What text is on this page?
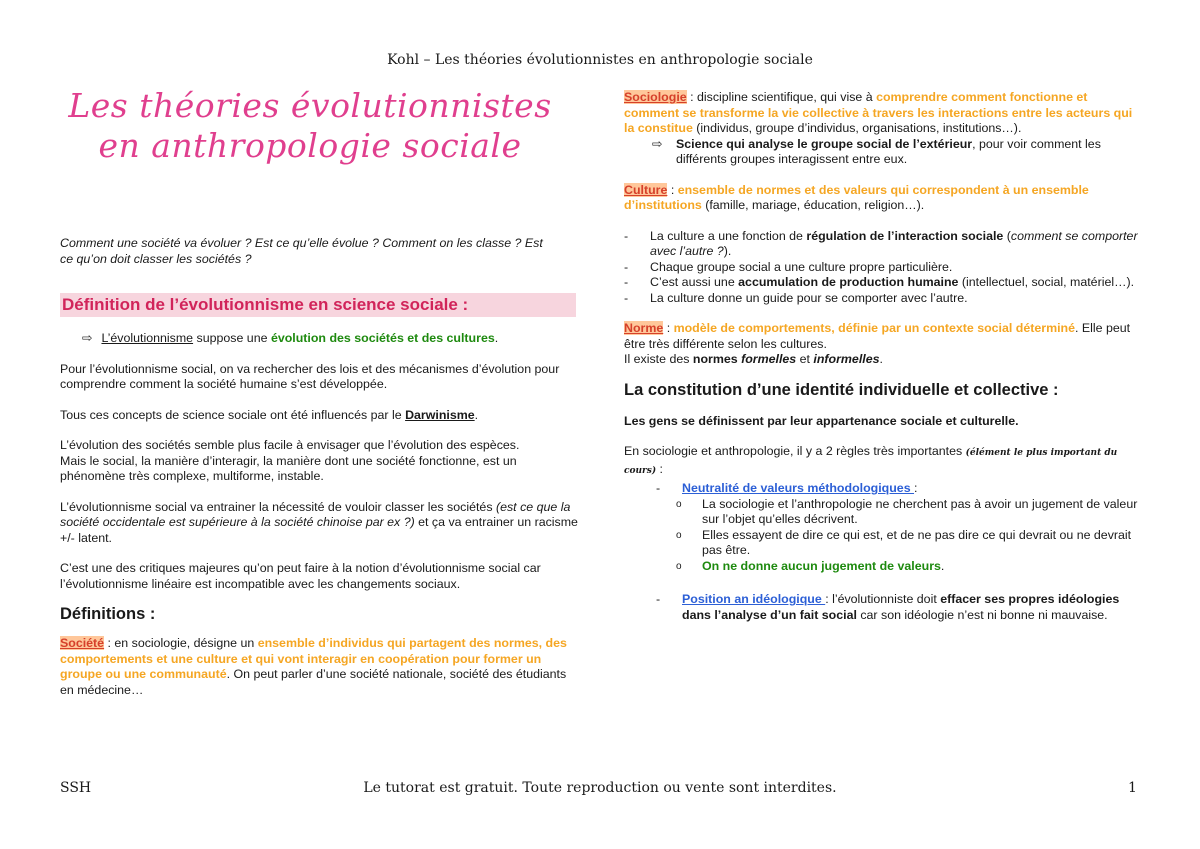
Kohl – Les théories évolutionnistes en anthropologie sociale
Les théories évolutionnistes en anthropologie sociale
Comment une société va évoluer ? Est ce qu’elle évolue ? Comment on les classe ? Est ce qu’on doit classer les sociétés ?
Définition de l’évolutionnisme en science sociale :
⇨ L’évolutionnisme suppose une évolution des sociétés et des cultures.

Pour l’évolutionnisme social, on va rechercher des lois et des mécanismes d’évolution pour comprendre comment la société humaine s’est développée.

Tous ces concepts de science sociale ont été influencés par le Darwinisme.

L’évolution des sociétés semble plus facile à envisager que l’évolution des espèces.

Mais le social, la manière d’interagir, la manière dont une société fonctionne, est un phénomène très complexe, multiforme, instable.

L’évolutionnisme social va entrainer la nécessité de vouloir classer les sociétés (est ce que la société occidentale est supérieure à la société chinoise par ex ?) et ça va entrainer un racisme +/- latent.

C’est une des critiques majeures qu’on peut faire à la notion d’évolutionnisme social car l’évolutionnisme linéaire est incompatible avec les changements sociaux.

Définitions :

Société : en sociologie, désigne un ensemble d’individus qui partagent des normes, des comportements et une culture et qui vont interagir en coopération pour former un groupe ou une communauté. On peut parler d’une société nationale, société des étudiants en médecine…

Sociologie : discipline scientifique, qui vise à comprendre comment fonctionne et comment se transforme la vie collective à travers les interactions entre les acteurs qui la constitue (individus, groupe d’individus, organisations, institutions…).

⇨	Science qui analyse le groupe social de l’extérieur, pour voir comment les différents groupes interagissent entre eux.

Culture : ensemble de normes et des valeurs qui correspondent à un ensemble d’institutions (famille, mariage, éducation, religion…).

- La culture a une fonction de régulation de l’interaction sociale (comment se comporter avec l’autre ?).
- Chaque groupe social a une culture propre particulière.
- C’est aussi une accumulation de production humaine (intellectuel, social, matériel…).
- La culture donne un guide pour se comporter avec l’autre.

Norme : modèle de comportements, définie par un contexte social déterminé. Elle peut être très différente selon les cultures.

Il existe des normes formelles et informelles.

La constitution d’une identité individuelle et collective :

Les gens se définissent par leur appartenance sociale et culturelle.

En sociologie et anthropologie, il y a 2 règles très importantes (élément le plus important du cours) :

- Neutralité de valeurs méthodologiques :
o La sociologie et l’anthropologie ne cherchent pas à avoir un jugement de valeur sur l’objet qu’elles décrivent.
o Elles essayent de dire ce qui est, et de ne pas dire ce qui devrait ou ne devrait pas être.
o On ne donne aucun jugement de valeurs.
- Position an idéologique : l’évolutionniste doit effacer ses propres idéologies dans l’analyse d’un fait social car son idéologie n’est ni bonne ni mauvaise.
SSH	Le tutorat est gratuit. Toute reproduction ou vente sont interdites.	1
